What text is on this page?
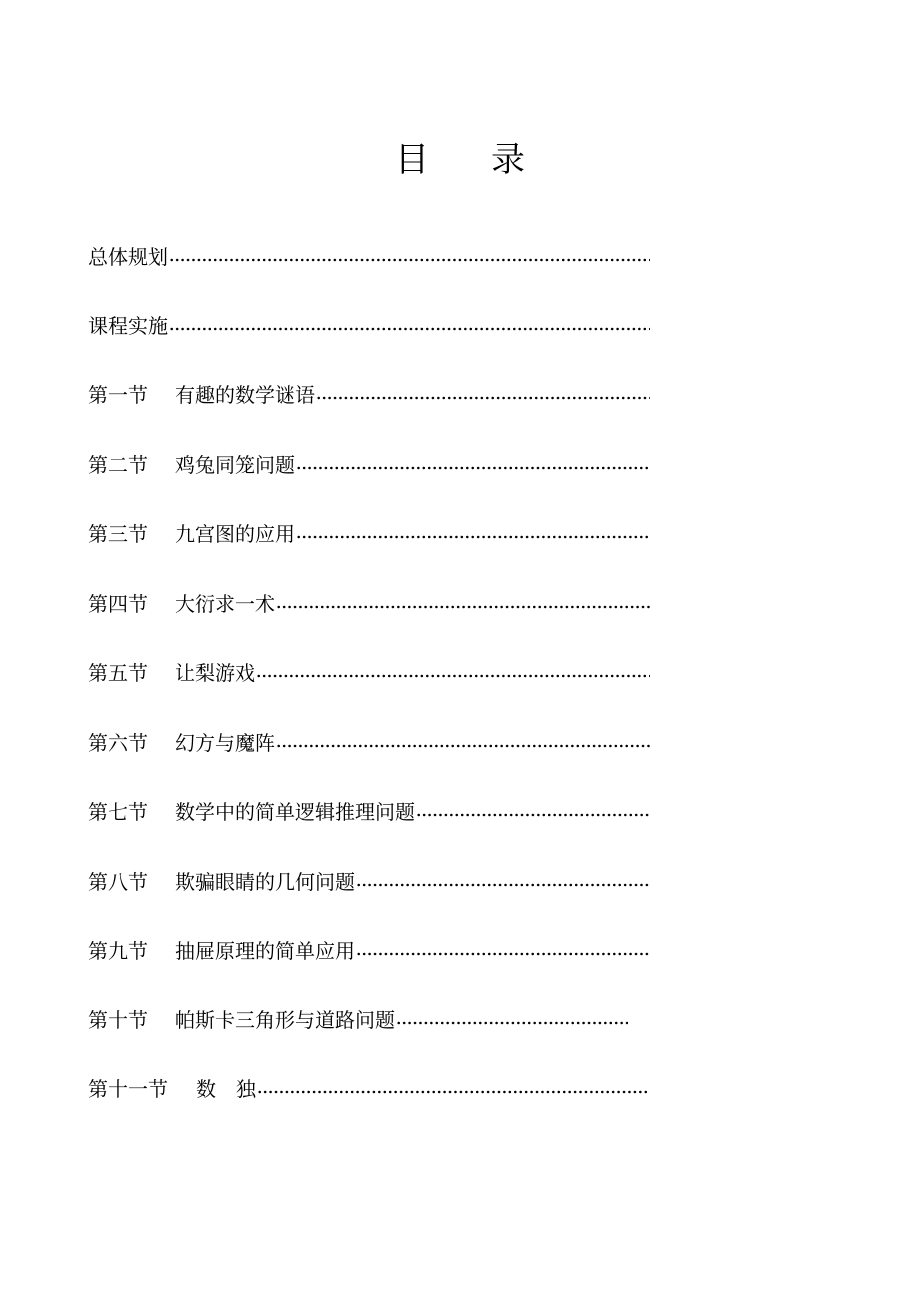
目 录
总体规划
课程实施
第一节	有趣的数学谜语
第二节	鸡兔同笼问题
第三节	九宫图的应用
第四节	大衍求一术
第五节	让梨游戏
第六节	幻方与魔阵
第七节	数学中的简单逻辑推理问题
第八节	欺骗眼睛的几何问题
第九节	抽屉原理的简单应用
第十节	帕斯卡三角形与道路问题
第十一节	数　独
